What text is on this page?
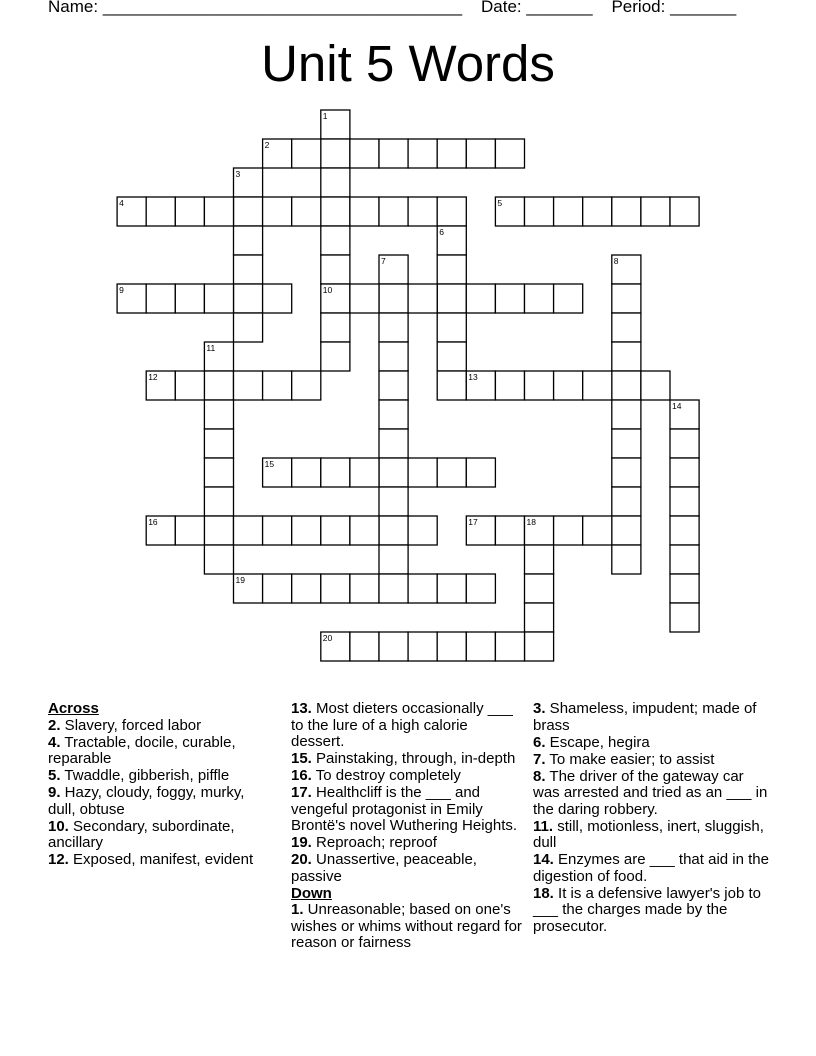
Name: ______________________________________ Date: _______ Period: _______
Unit 5 Words
1
2
3
4	5
6
7	8
9	10
11
12	13
14
15
16	17	18
19
20
Across
2. Slavery, forced labor
4. Tractable, docile, curable, reparable
5. Twaddle, gibberish, piffle
9. Hazy, cloudy, foggy, murky, dull, obtuse
10. Secondary, subordinate, ancillary
12. Exposed, manifest, evident
13. Most dieters occasionally ___ to the lure of a high calorie dessert.
15. Painstaking, through, in-depth
16. To destroy completely
17. Healthcliff is the ___ and vengeful protagonist in Emily Brontë's novel Wuthering Heights.
19. Reproach; reproof
20. Unassertive, peaceable, passive
Down
1. Unreasonable; based on one's wishes or whims without regard for reason or fairness
3. Shameless, impudent; made of brass
6. Escape, hegira
7. To make easier; to assist
8. The driver of the gateway car was arrested and tried as an ___ in the daring robbery.
11. still, motionless, inert, sluggish, dull
14. Enzymes are ___ that aid in the digestion of food.
18. It is a defensive lawyer's job to ___ the charges made by the prosecutor.
